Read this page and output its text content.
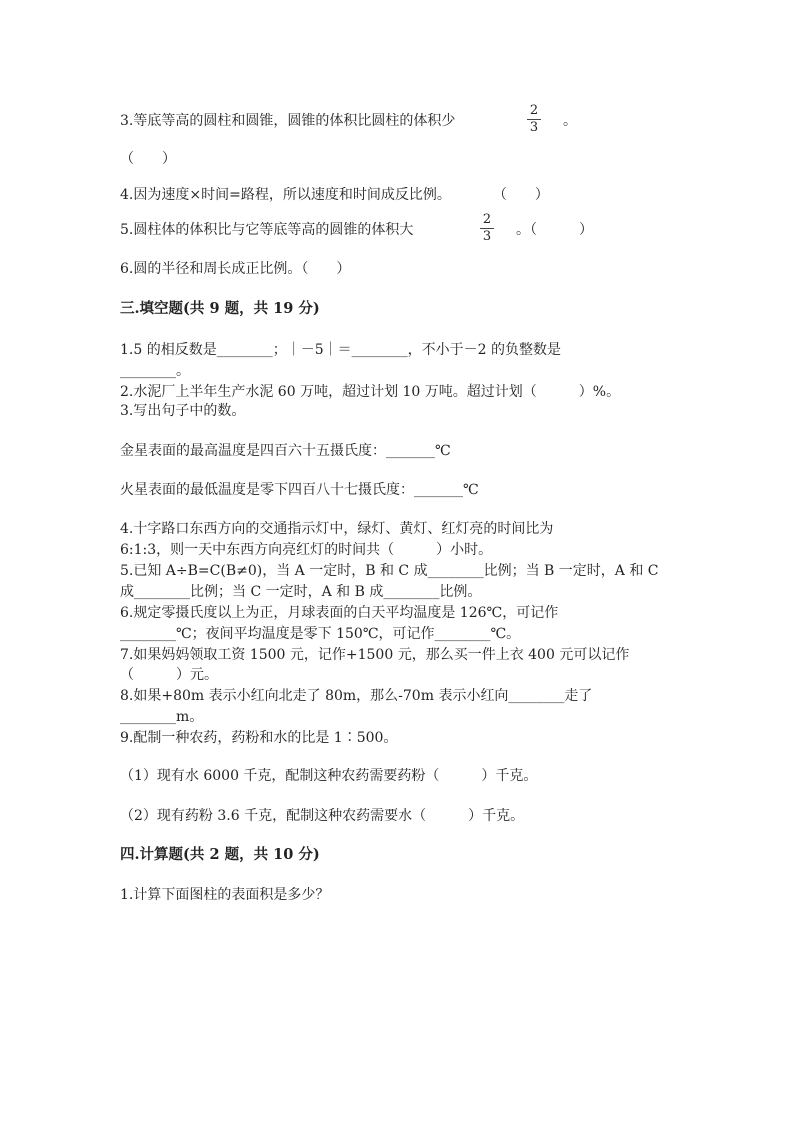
3.等底等高的圆柱和圆锥，圆锥的体积比圆柱的体积少
2
3 。
（　　）
4.因为速度×时间=路程，所以速度和时间成反比例。　　　　（　　）
5.圆柱体的体积比与它等底等高的圆锥的体积大
2
3 。（　　　）
6.圆的半径和周长成正比例。（　　）
三.填空题(共 9 题，共 19 分)
1.5 的相反数是________；｜－5｜＝________，不小于－2 的负整数是
________。
2.水泥厂上半年生产水泥 60 万吨，超过计划 10 万吨。超过计划（　　　）%。
3.写出句子中的数。
金星表面的最高温度是四百六十五摄氏度：_______℃
火星表面的最低温度是零下四百八十七摄氏度：_______℃
4.十字路口东西方向的交通指示灯中，绿灯、黄灯、红灯亮的时间比为
6:1:3，则一天中东西方向亮红灯的时间共（　　　）小时。
5.已知 A÷B=C(B≠0)，当 A 一定时，B 和 C 成________比例；当 B 一定时，A 和 C
成________比例；当 C 一定时，A 和 B 成________比例。
6.规定零摄氏度以上为正，月球表面的白天平均温度是 126℃，可记作
________℃；夜间平均温度是零下 150℃，可记作________℃。
7.如果妈妈领取工资 1500 元，记作+1500 元，那么买一件上衣 400 元可以记作
（　　　）元。
8.如果+80m 表示小红向北走了 80m，那么-70m 表示小红向________走了
________m。
9.配制一种农药，药粉和水的比是 1∶500。
（1）现有水 6000 千克，配制这种农药需要药粉（　　　）千克。
（2）现有药粉 3.6 千克，配制这种农药需要水（　　　）千克。
四.计算题(共 2 题，共 10 分)
1.计算下面图柱的表面积是多少？
